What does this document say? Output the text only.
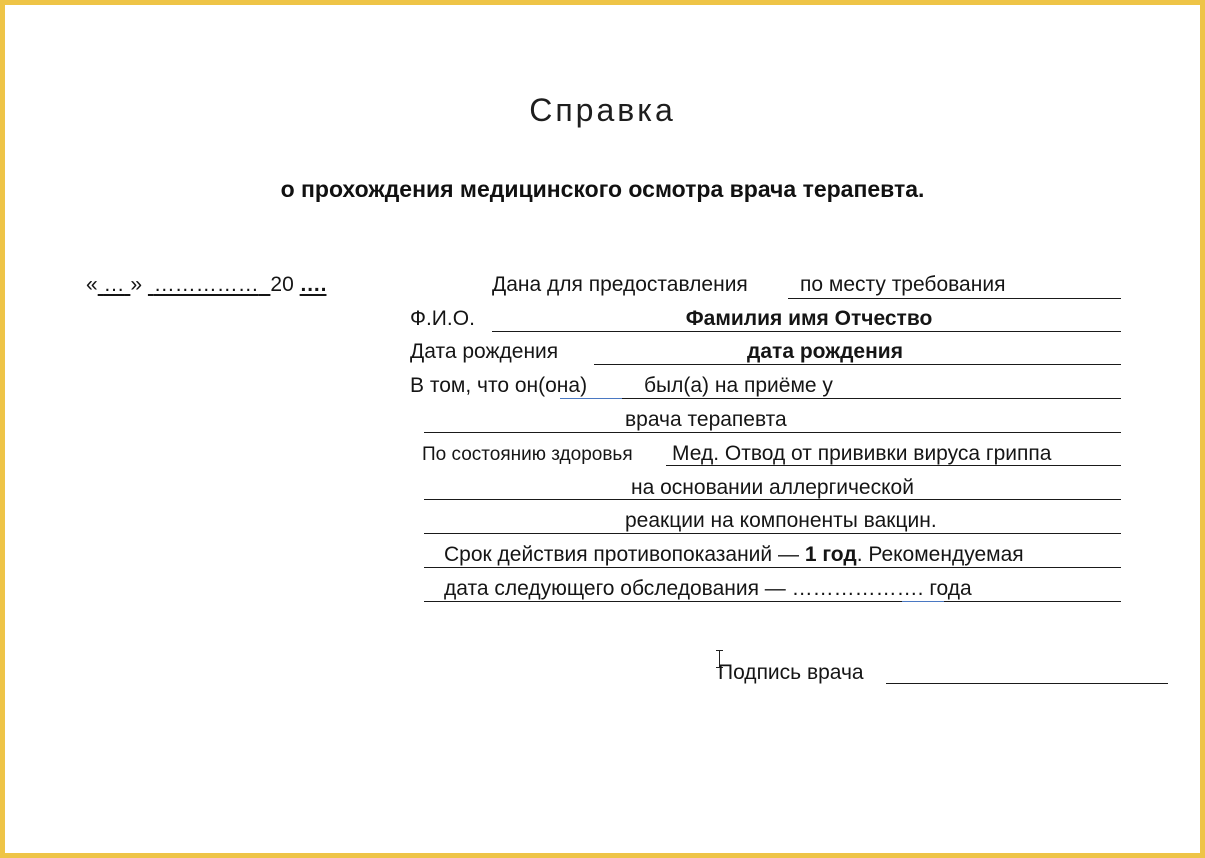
Справка
о прохождения медицинского осмотра врача терапевта.
« … » …………… 20 ….	Дана для предоставления по месту требования
Ф.И.О.	Фамилия имя Отчество
Дата рождения	дата рождения
В том, что он(она)	был(а) на приёме у
врача терапевта
По состоянию здоровья Мед. Отвод от прививки вируса гриппа
на основании аллергической
реакции на компоненты вакцин.
Срок действия противопоказаний — 1 год. Рекомендуемая
дата следующего обследования — ………………. года
Подпись врача
